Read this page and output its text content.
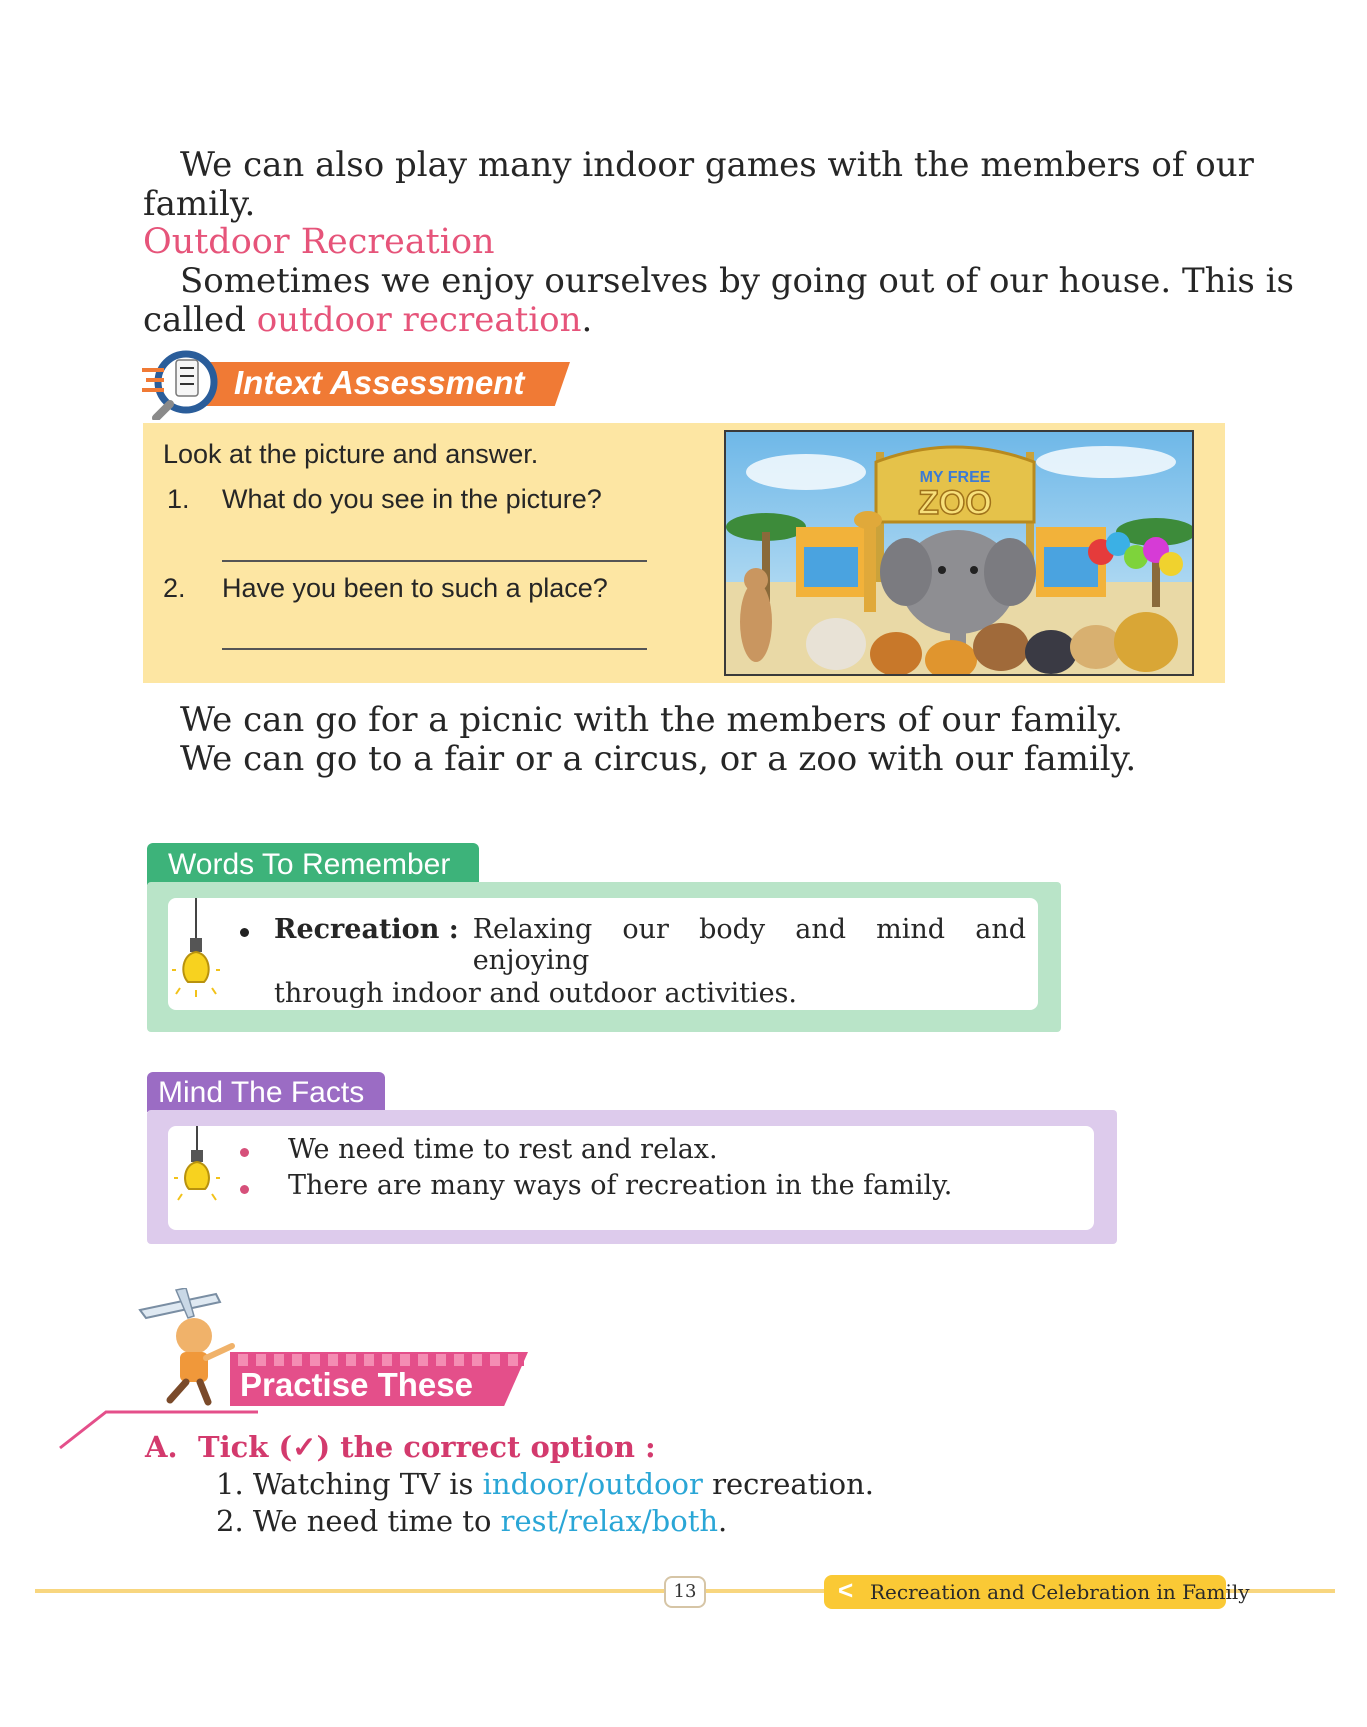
We can also play many indoor games with the members of our
family.
Outdoor Recreation
Sometimes we enjoy ourselves by going out of our house. This is
called outdoor recreation.
Intext Assessment
Look at the picture and answer.
1. What do you see in the picture?
2. Have you been to such a place?
MY FREE
ZOO
We can go for a picnic with the members of our family.
We can go to a fair or a circus, or a zoo with our family.
Words To Remember
Recreation : Relaxing our body and mind and enjoying
through indoor and outdoor activities.
Mind The Facts
We need time to rest and relax.
There are many ways of recreation in the family.
Practise These
A. Tick (✓) the correct option :
1. Watching TV is indoor/outdoor recreation.
2. We need time to rest/relax/both.
13	< Recreation and Celebration in Family
